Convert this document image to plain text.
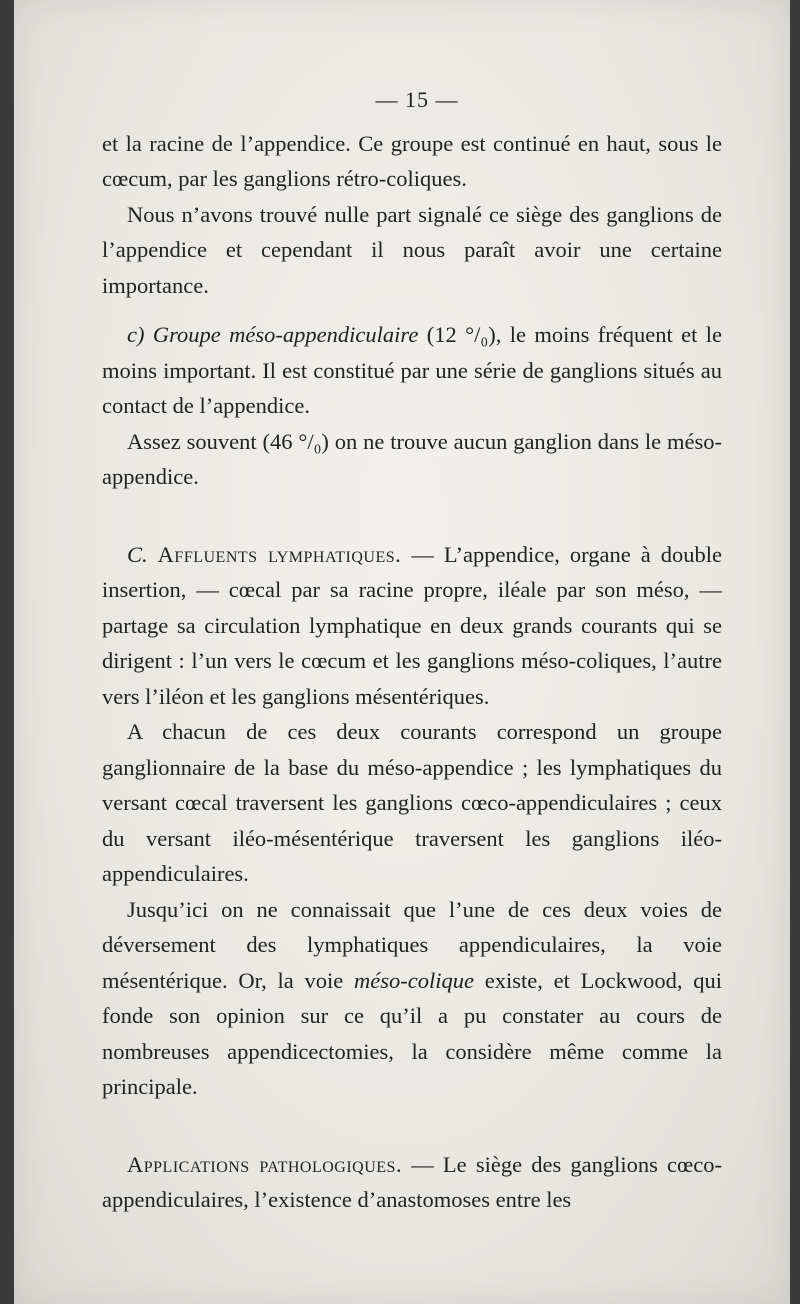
— 15 —

et la racine de l’appendice. Ce groupe est continué en haut, sous le cœcum, par les ganglions rétro-coliques.

Nous n’avons trouvé nulle part signalé ce siège des ganglions de l’appendice et cependant il nous paraît avoir une certaine importance.

c) Groupe méso-appendiculaire (12 °/₀), le moins fréquent et le moins important. Il est constitué par une série de ganglions situés au contact de l’appendice.

Assez souvent (46 °/₀) on ne trouve aucun ganglion dans le méso-appendice.

C. Affluents lymphatiques. — L’appendice, organe à double insertion, — cœcal par sa racine propre, iléale par son méso, — partage sa circulation lymphatique en deux grands courants qui se dirigent : l’un vers le cœcum et les ganglions méso-coliques, l’autre vers l’iléon et les ganglions mésentériques.

A chacun de ces deux courants correspond un groupe ganglionnaire de la base du méso-appendice ; les lymphatiques du versant cœcal traversent les ganglions cœco-appendiculaires ; ceux du versant iléo-mésentérique traversent les ganglions iléo-appendiculaires.

Jusqu’ici on ne connaissait que l’une de ces deux voies de déversement des lymphatiques appendiculaires, la voie mésentérique. Or, la voie méso-colique existe, et Lockwood, qui fonde son opinion sur ce qu’il a pu constater au cours de nombreuses appendicectomies, la considère même comme la principale.

Applications pathologiques. — Le siège des ganglions cœco-appendiculaires, l’existence d’anastomoses entre les
